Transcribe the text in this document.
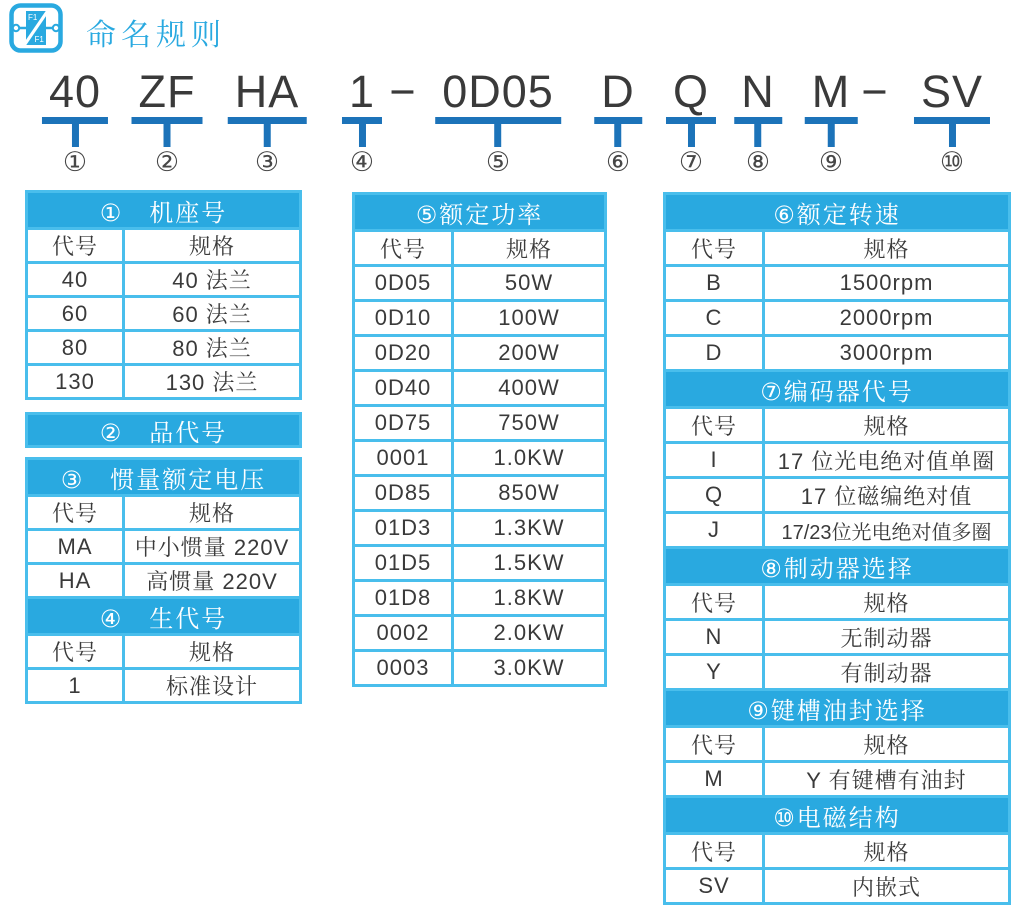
F1
F1 命名规则
40
①
ZF
②
HA
③
1
④
− 0D05
⑤
D
⑥
Q
⑦
N
⑧
M
⑨
− SV
⑩
①　机座号
代号	规格
40	40 法兰
60	60 法兰
80	80 法兰
130	130 法兰
②　品代号
③　惯量额定电压
代号	规格
MA	中小惯量 220V
HA	高惯量 220V
④　生代号
代号	规格
1	标准设计
⑤额定功率
代号	规格
0D05	50W
0D10	100W
0D20	200W
0D40	400W
0D75	750W
0001	1.0KW
0D85	850W
01D3	1.3KW
01D5	1.5KW
01D8	1.8KW
0002	2.0KW
0003	3.0KW
⑥额定转速
代号	规格
B	1500rpm
C	2000rpm
D	3000rpm
⑦编码器代号
代号	规格
I	17 位光电绝对值单圈
Q	17 位磁编绝对值
J	17/23位光电绝对值多圈
⑧制动器选择
代号	规格
N	无制动器
Y	有制动器
⑨键槽油封选择
代号	规格
M	Y 有键槽有油封
⑩电磁结构
代号	规格
SV	内嵌式
